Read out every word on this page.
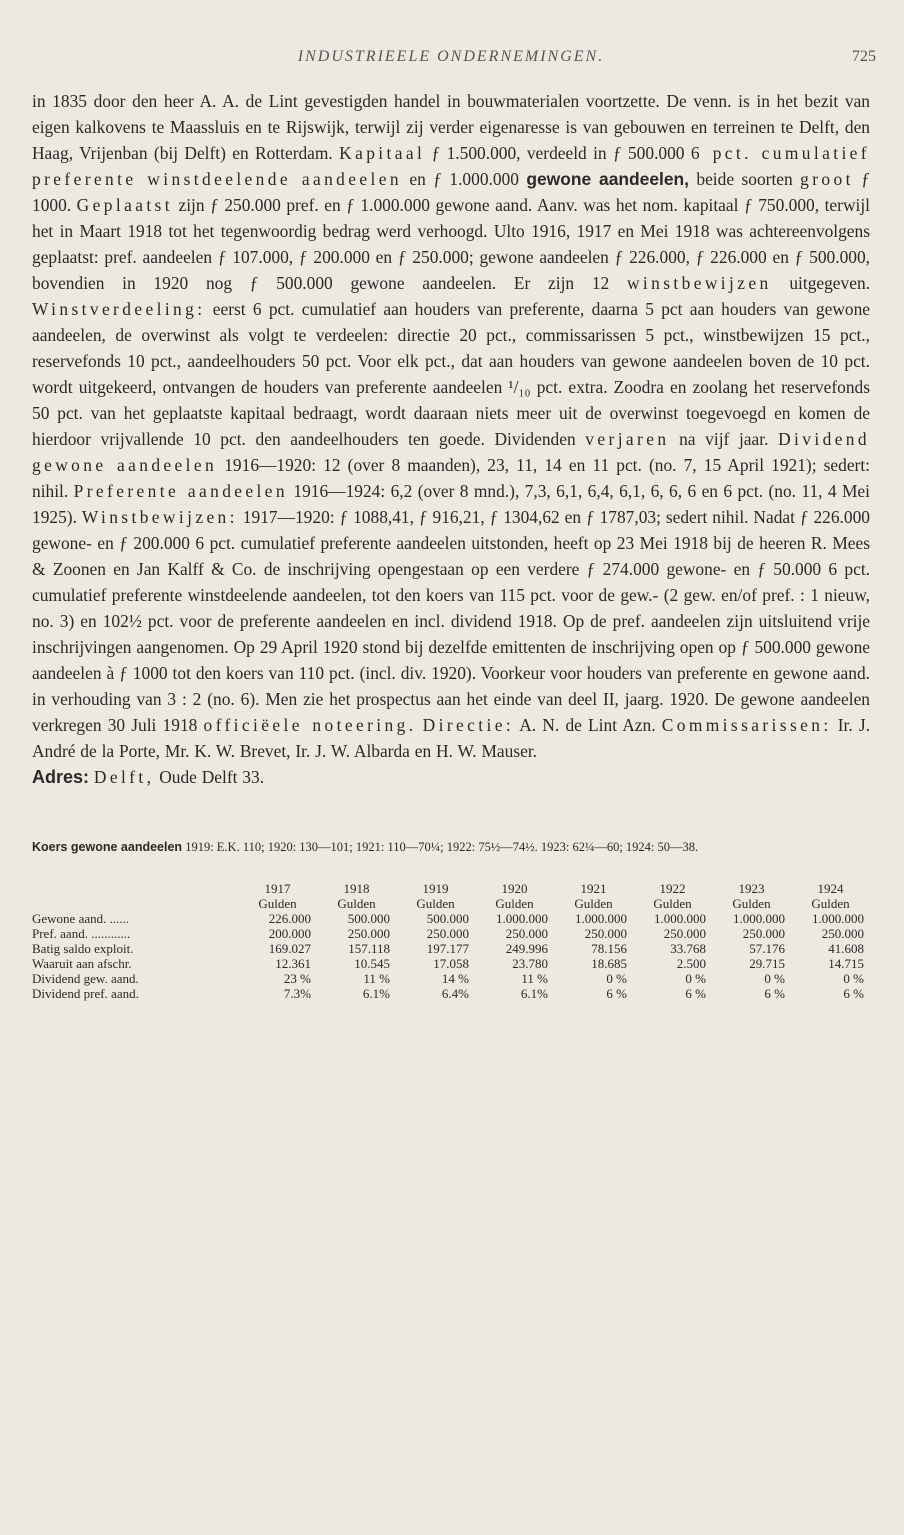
INDUSTRIEELE ONDERNEMINGEN.	725
in 1835 door den heer A. A. de Lint gevestigden handel in bouwmaterialen voortzette. De venn. is in het bezit van eigen kalkovens te Maassluis en te Rijswijk, terwijl zij verder eigenaresse is van gebouwen en terreinen te Delft, den Haag, Vrijenban (bij Delft) en Rotterdam. Kapitaal ƒ 1.500.000, verdeeld in ƒ 500.000 6 pct. cumulatief preferente winstdeelende aandeelen en ƒ 1.000.000 gewone aandeelen, beide soorten groot ƒ 1000. Geplaatst zijn ƒ 250.000 pref. en ƒ 1.000.000 gewone aand. Aanv. was het nom. kapitaal ƒ 750.000, terwijl het in Maart 1918 tot het tegenwoordig bedrag werd verhoogd. Ulto 1916, 1917 en Mei 1918 was achtereenvolgens geplaatst: pref. aandeelen ƒ 107.000, ƒ 200.000 en ƒ 250.000; gewone aandeelen ƒ 226.000, ƒ 226.000 en ƒ 500.000, bovendien in 1920 nog ƒ 500.000 gewone aandeelen. Er zijn 12 winstbewijzen uitgegeven. Winstverdeeling: eerst 6 pct. cumulatief aan houders van preferente, daarna 5 pct aan houders van gewone aandeelen, de overwinst als volgt te verdeelen: directie 20 pct., commissarissen 5 pct., winstbewijzen 15 pct., reservefonds 10 pct., aandeelhouders 50 pct. Voor elk pct., dat aan houders van gewone aandeelen boven de 10 pct. wordt uitgekeerd, ontvangen de houders van preferente aandeelen ¹/₁₀ pct. extra. Zoodra en zoolang het reservefonds 50 pct. van het geplaatste kapitaal bedraagt, wordt daaraan niets meer uit de overwinst toegevoegd en komen de hierdoor vrijvallende 10 pct. den aandeelhouders ten goede. Dividenden verjaren na vijf jaar. Dividend gewone aandeelen 1916—1920: 12 (over 8 maanden), 23, 11, 14 en 11 pct. (no. 7, 15 April 1921); sedert: nihil. Preferente aandeelen 1916—1924: 6,2 (over 8 mnd.), 7,3, 6,1, 6,4, 6,1, 6, 6, 6 en 6 pct. (no. 11, 4 Mei 1925). Winstbewijzen: 1917—1920: ƒ 1088,41, ƒ 916,21, ƒ 1304,62 en ƒ 1787,03; sedert nihil. Nadat ƒ 226.000 gewone- en ƒ 200.000 6 pct. cumulatief preferente aandeelen uitstonden, heeft op 23 Mei 1918 bij de heeren R. Mees & Zoonen en Jan Kalff & Co. de inschrijving opengestaan op een verdere ƒ 274.000 gewone- en ƒ 50.000 6 pct. cumulatief preferente winstdeelende aandeelen, tot den koers van 115 pct. voor de gew.- (2 gew. en/of pref. : 1 nieuw, no. 3) en 102½ pct. voor de preferente aandeelen en incl. dividend 1918. Op de pref. aandeelen zijn uitsluitend vrije inschrijvingen aangenomen. Op 29 April 1920 stond bij dezelfde emittenten de inschrijving open op ƒ 500.000 gewone aandeelen à ƒ 1000 tot den koers van 110 pct. (incl. div. 1920). Voorkeur voor houders van preferente en gewone aand. in verhouding van 3 : 2 (no. 6). Men zie het prospectus aan het einde van deel II, jaarg. 1920. De gewone aandeelen verkregen 30 Juli 1918 officiëele noteering. Directie: A. N. de Lint Azn. Commissarissen: Ir. J. André de la Porte, Mr. K. W. Brevet, Ir. J. W. Albarda en H. W. Mauser.
Adres: Delft, Oude Delft 33.
Koers gewone aandeelen 1919: E.K. 110; 1920: 130—101; 1921: 110—70¼; 1922: 75½—74½. 1923: 62¼—60; 1924: 50—38.
	1917	1918	1919	1920	1921	1922	1923	1924
	Gulden	Gulden	Gulden	Gulden	Gulden	Gulden	Gulden	Gulden
Gewone aand. ......	226.000	500.000	500.000	1.000.000	1.000.000	1.000.000	1.000.000	1.000.000
Pref. aand. ............	200.000	250.000	250.000	250.000	250.000	250.000	250.000	250.000
Batig saldo exploit.	169.027	157.118	197.177	249.996	78.156	33.768	57.176	41.608
Waaruit aan afschr.	12.361	10.545	17.058	23.780	18.685	2.500	29.715	14.715
Dividend gew. aand.	23 %	11 %	14 %	11 %	0 %	0 %	0 %	0 %
Dividend pref. aand.	7.3%	6.1%	6.4%	6.1%	6 %	6 %	6 %	6 %
